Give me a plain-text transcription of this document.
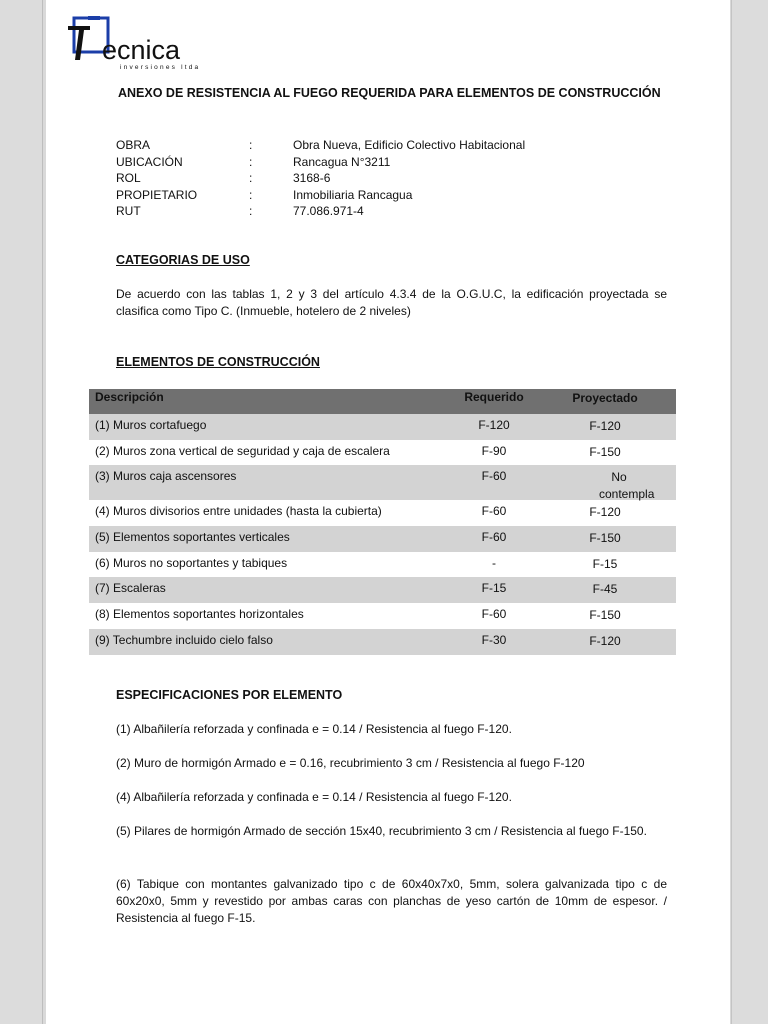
ecnica
inversiones ltda
ANEXO DE RESISTENCIA AL FUEGO REQUERIDA PARA ELEMENTOS DE CONSTRUCCIÓN
OBRA	:	Obra Nueva, Edificio Colectivo Habitacional
UBICACIÓN	:	Rancagua N°3211
ROL	:	3168-6
PROPIETARIO	:	Inmobiliaria Rancagua
RUT	:	77.086.971-4
CATEGORIAS DE USO
De acuerdo con las tablas 1, 2 y 3 del artículo 4.3.4 de la O.G.U.C, la edificación proyectada se clasifica como Tipo C. (Inmueble, hotelero de 2 niveles)
ELEMENTOS DE CONSTRUCCIÓN
Descripción	Requerido	Proyectado
(1) Muros cortafuego	F-120	F-120
(2) Muros zona vertical de seguridad y caja de escalera	F-90	F-150
(3) Muros caja ascensores	F-60	No contempla
(4) Muros divisorios entre unidades (hasta la cubierta)	F-60	F-120
(5) Elementos soportantes verticales	F-60	F-150
(6) Muros no soportantes y tabiques	-	F-15
(7) Escaleras	F-15	F-45
(8) Elementos soportantes horizontales	F-60	F-150
(9) Techumbre incluido cielo falso	F-30	F-120
ESPECIFICACIONES POR ELEMENTO
(1) Albañilería reforzada y confinada e = 0.14 / Resistencia al fuego F-120.
(2) Muro de hormigón Armado e = 0.16, recubrimiento 3 cm / Resistencia al fuego F-120
(4) Albañilería reforzada y confinada e = 0.14 / Resistencia al fuego F-120.
(5) Pilares de hormigón Armado de sección 15x40, recubrimiento 3 cm / Resistencia al fuego F-150.
(6) Tabique con montantes galvanizado tipo c de 60x40x7x0, 5mm, solera galvanizada tipo c de 60x20x0, 5mm y revestido por ambas caras con planchas de yeso cartón de 10mm de espesor. / Resistencia al fuego F-15.
